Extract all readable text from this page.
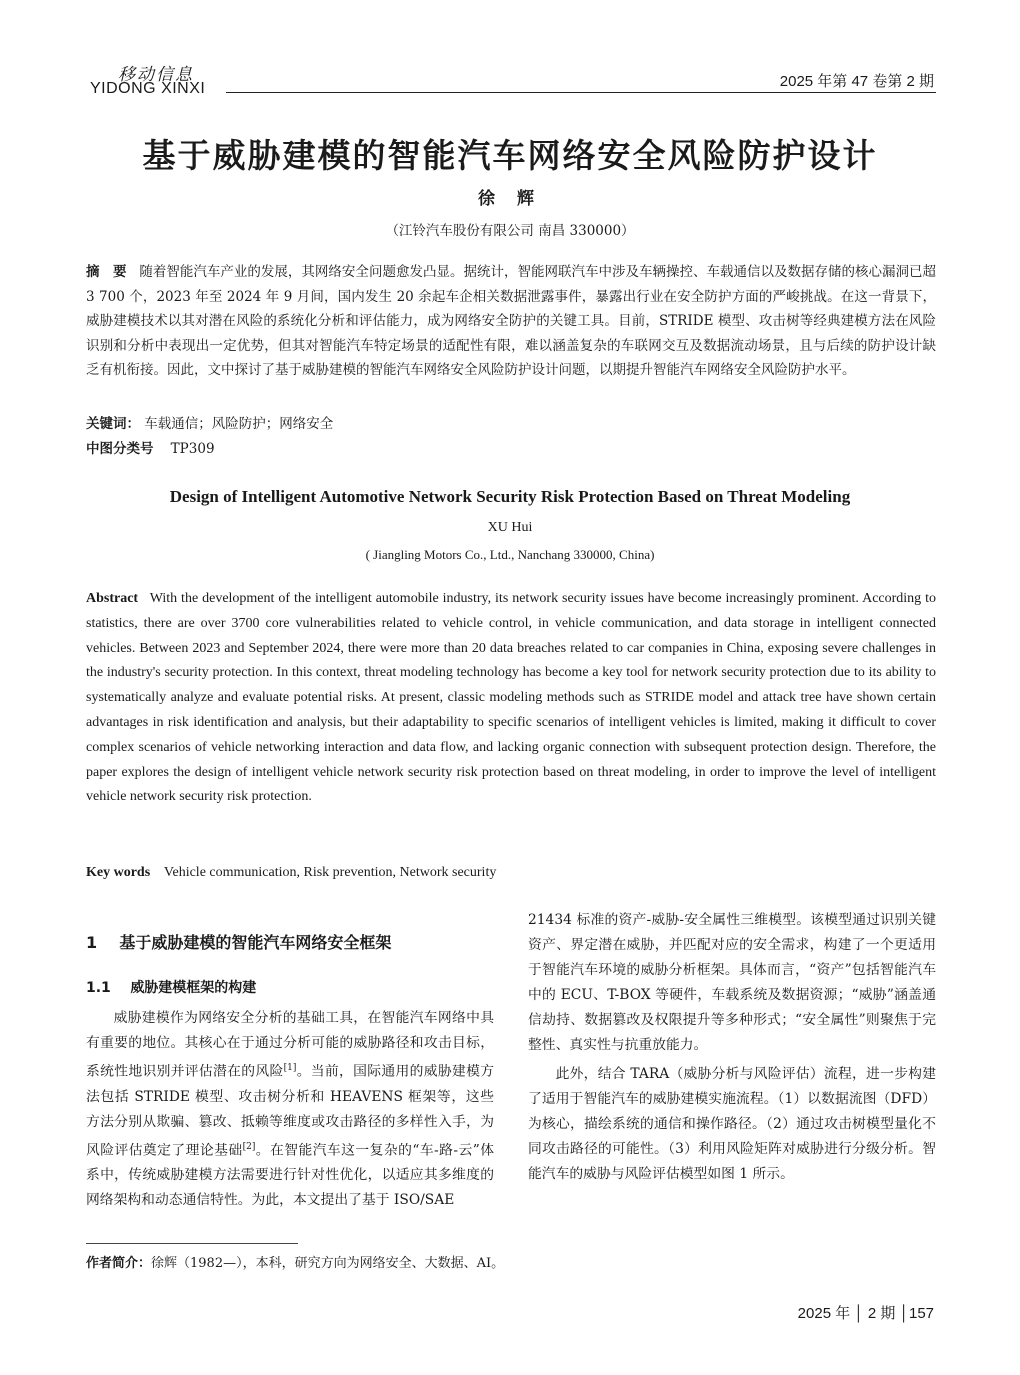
移动信息
YIDONG XINXI	2025 年第 47 卷第 2 期
基于威胁建模的智能汽车网络安全风险防护设计
徐 辉
（江铃汽车股份有限公司 南昌 330000）
摘　要 随着智能汽车产业的发展，其网络安全问题愈发凸显。据统计，智能网联汽车中涉及车辆操控、车载通信以及数据存储的核心漏洞已超 3 700 个，2023 年至 2024 年 9 月间，国内发生 20 余起车企相关数据泄露事件，暴露出行业在安全防护方面的严峻挑战。在这一背景下，威胁建模技术以其对潜在风险的系统化分析和评估能力，成为网络安全防护的关键工具。目前，STRIDE 模型、攻击树等经典建模方法在风险识别和分析中表现出一定优势，但其对智能汽车特定场景的适配性有限，难以涵盖复杂的车联网交互及数据流动场景，且与后续的防护设计缺乏有机衔接。因此，文中探讨了基于威胁建模的智能汽车网络安全风险防护设计问题，以期提升智能汽车网络安全风险防护水平。
关键词： 车载通信；风险防护；网络安全
中图分类号 TP309
Design of Intelligent Automotive Network Security Risk Protection Based on Threat Modeling
XU Hui
( Jiangling Motors Co., Ltd., Nanchang 330000, China)
Abstract With the development of the intelligent automobile industry, its network security issues have become increasingly prominent. According to statistics, there are over 3700 core vulnerabilities related to vehicle control, in vehicle communication, and data storage in intelligent connected vehicles. Between 2023 and September 2024, there were more than 20 data breaches related to car companies in China, exposing severe challenges in the industry's security protection. In this context, threat modeling technology has become a key tool for network security protection due to its ability to systematically analyze and evaluate potential risks. At present, classic modeling methods such as STRIDE model and attack tree have shown certain advantages in risk identification and analysis, but their adaptability to specific scenarios of intelligent vehicles is limited, making it difficult to cover complex scenarios of vehicle networking interaction and data flow, and lacking organic connection with subsequent protection design. Therefore, the paper explores the design of intelligent vehicle network security risk protection based on threat modeling, in order to improve the level of intelligent vehicle network security risk protection.
Key words Vehicle communication, Risk prevention, Network security
1 基于威胁建模的智能汽车网络安全框架
1.1 威胁建模框架的构建

威胁建模作为网络安全分析的基础工具，在智能汽车网络中具有重要的地位。其核心在于通过分析可能的威胁路径和攻击目标，系统性地识别并评估潜在的风险[1]。当前，国际通用的威胁建模方法包括 STRIDE 模型、攻击树分析和 HEAVENS 框架等，这些方法分别从欺骗、篡改、抵赖等维度或攻击路径的多样性入手，为风险评估奠定了理论基础[2]。在智能汽车这一复杂的“车-路-云”体系中，传统威胁建模方法需要进行针对性优化，以适应其多维度的网络架构和动态通信特性。为此，本文提出了基于 ISO/SAE

21434 标准的资产-威胁-安全属性三维模型。该模型通过识别关键资产、界定潜在威胁，并匹配对应的安全需求，构建了一个更适用于智能汽车环境的威胁分析框架。具体而言，“资产”包括智能汽车中的 ECU、T-BOX 等硬件，车载系统及数据资源；“威胁”涵盖通信劫持、数据篡改及权限提升等多种形式；“安全属性”则聚焦于完整性、真实性与抗重放能力。

此外，结合 TARA（威胁分析与风险评估）流程，进一步构建了适用于智能汽车的威胁建模实施流程。（1）以数据流图（DFD）为核心，描绘系统的通信和操作路径。（2）通过攻击树模型量化不同攻击路径的可能性。（3）利用风险矩阵对威胁进行分级分析。智能汽车的威胁与风险评估模型如图 1 所示。

作者简介：徐辉（1982—），本科，研究方向为网络安全、大数据、AI。
2025 年 │ 2 期 │157
